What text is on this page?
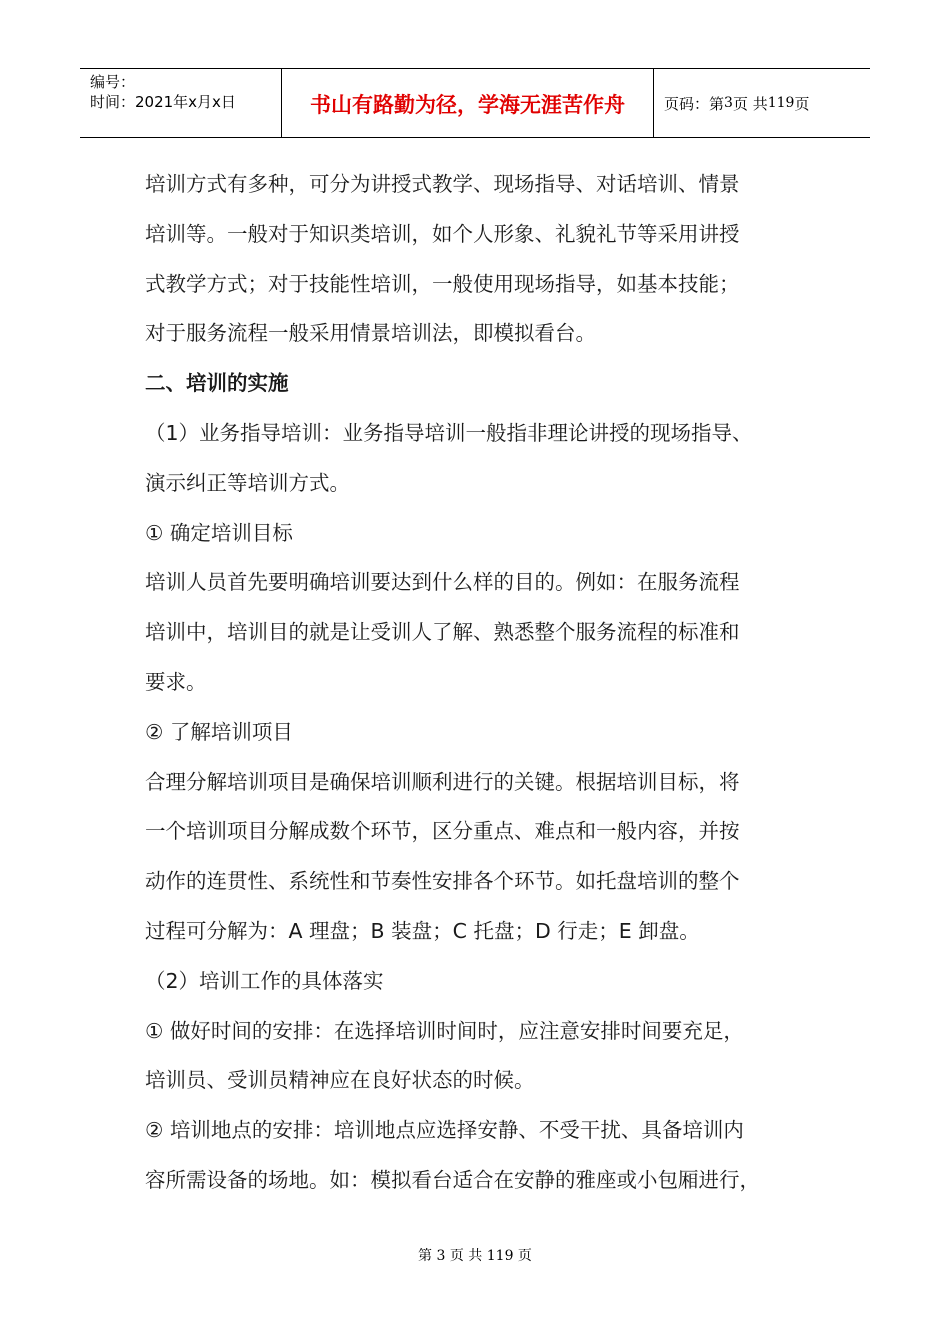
编号：
时间：2021年x月x日	书山有路勤为径，学海无涯苦作舟	页码：第 3 页 共 119 页
培训方式有多种，可分为讲授式教学、现场指导、对话培训、情景
培训等。一般对于知识类培训，如个人形象、礼貌礼节等采用讲授
式教学方式；对于技能性培训，一般使用现场指导，如基本技能；
对于服务流程一般采用情景培训法，即模拟看台。
二、培训的实施
（1）业务指导培训：业务指导培训一般指非理论讲授的现场指导、
演示纠正等培训方式。
① 确定培训目标
培训人员首先要明确培训要达到什么样的目的。例如：在服务流程
培训中，培训目的就是让受训人了解、熟悉整个服务流程的标准和
要求。
② 了解培训项目
合理分解培训项目是确保培训顺利进行的关键。根据培训目标，将
一个培训项目分解成数个环节，区分重点、难点和一般内容，并按
动作的连贯性、系统性和节奏性安排各个环节。如托盘培训的整个
过程可分解为：A 理盘；B 装盘；C 托盘；D 行走；E 卸盘。
（2）培训工作的具体落实
① 做好时间的安排：在选择培训时间时，应注意安排时间要充足，
培训员、受训员精神应在良好状态的时候。
② 培训地点的安排：培训地点应选择安静、不受干扰、具备培训内
容所需设备的场地。如：模拟看台适合在安静的雅座或小包厢进行，
第 3 页 共 119 页
